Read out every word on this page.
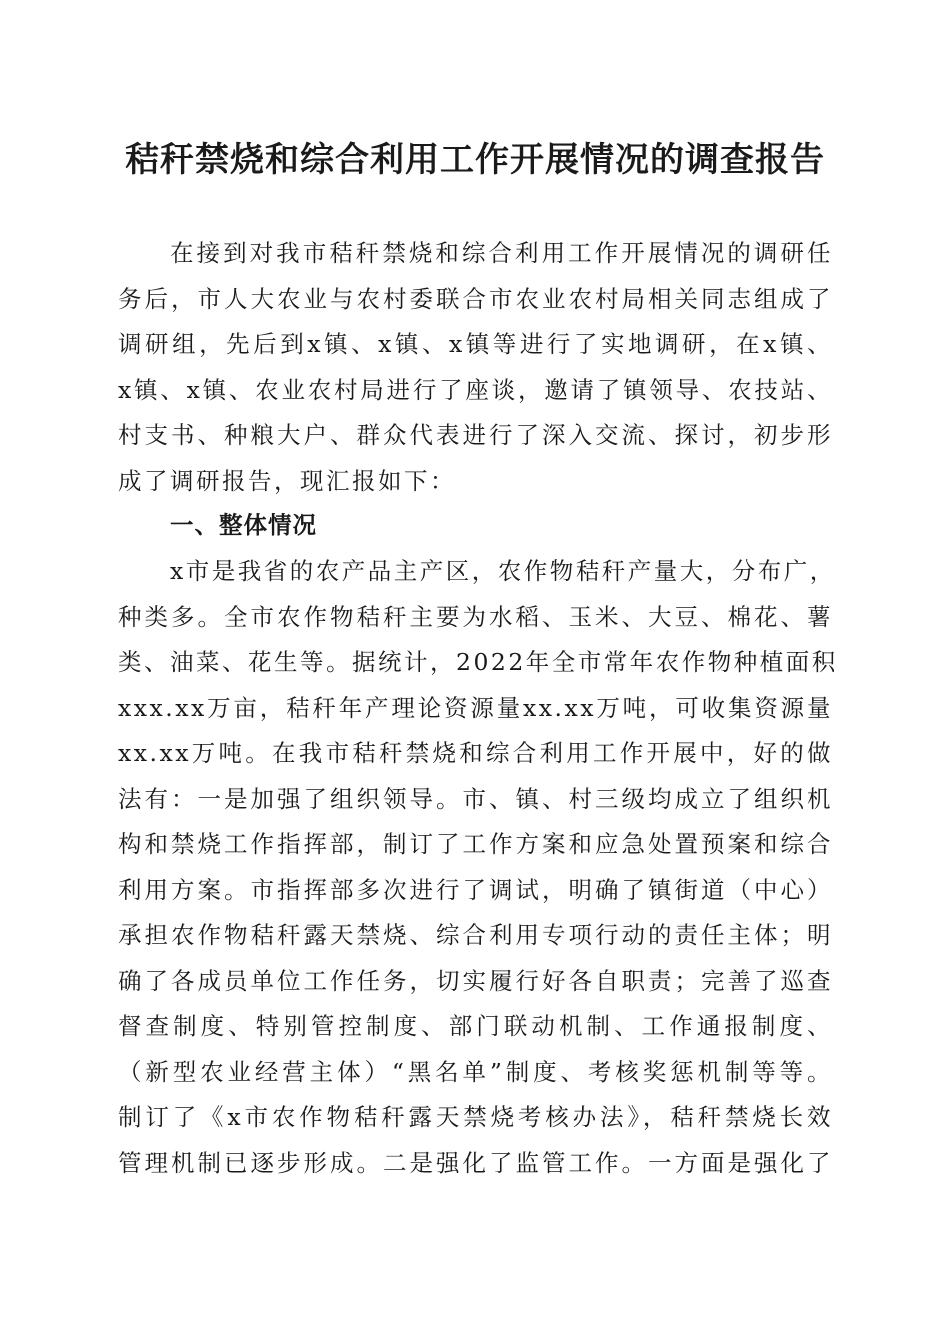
秸秆禁烧和综合利用工作开展情况的调查报告
在接到对我市秸秆禁烧和综合利用工作开展情况的调研任
务后，市人大农业与农村委联合市农业农村局相关同志组成了
调研组，先后到x镇、x镇、x镇等进行了实地调研，在x镇、
x镇、x镇、农业农村局进行了座谈，邀请了镇领导、农技站、
村支书、种粮大户、群众代表进行了深入交流、探讨，初步形
成了调研报告，现汇报如下：
一、整体情况
x市是我省的农产品主产区，农作物秸秆产量大，分布广，
种类多。全市农作物秸秆主要为水稻、玉米、大豆、棉花、薯
类、油菜、花生等。据统计，2022年全市常年农作物种植面积
xxx.xx万亩，秸秆年产理论资源量xx.xx万吨，可收集资源量
xx.xx万吨。在我市秸秆禁烧和综合利用工作开展中，好的做
法有：一是加强了组织领导。市、镇、村三级均成立了组织机
构和禁烧工作指挥部，制订了工作方案和应急处置预案和综合
利用方案。市指挥部多次进行了调试，明确了镇街道（中心）
承担农作物秸秆露天禁烧、综合利用专项行动的责任主体；明
确了各成员单位工作任务，切实履行好各自职责；完善了巡查
督查制度、特别管控制度、部门联动机制、工作通报制度、
（新型农业经营主体）“黑名单”制度、考核奖惩机制等等。
制订了《x市农作物秸秆露天禁烧考核办法》，秸秆禁烧长效
管理机制已逐步形成。二是强化了监管工作。一方面是强化了
